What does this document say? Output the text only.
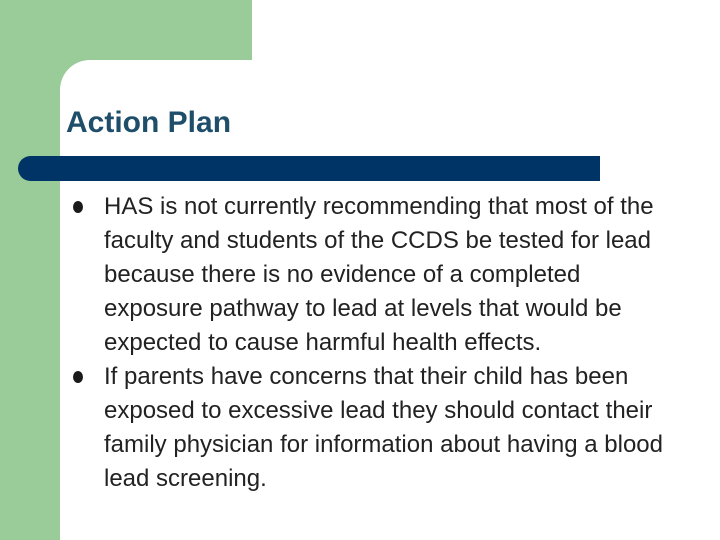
Action Plan
HAS is not currently recommending that most of the faculty and students of the CCDS be tested for lead because there is no evidence of a completed exposure pathway to lead at levels that would be expected to cause harmful health effects.
If parents have concerns that their child has been exposed to excessive lead they should contact their family physician for information about having a blood lead screening.
